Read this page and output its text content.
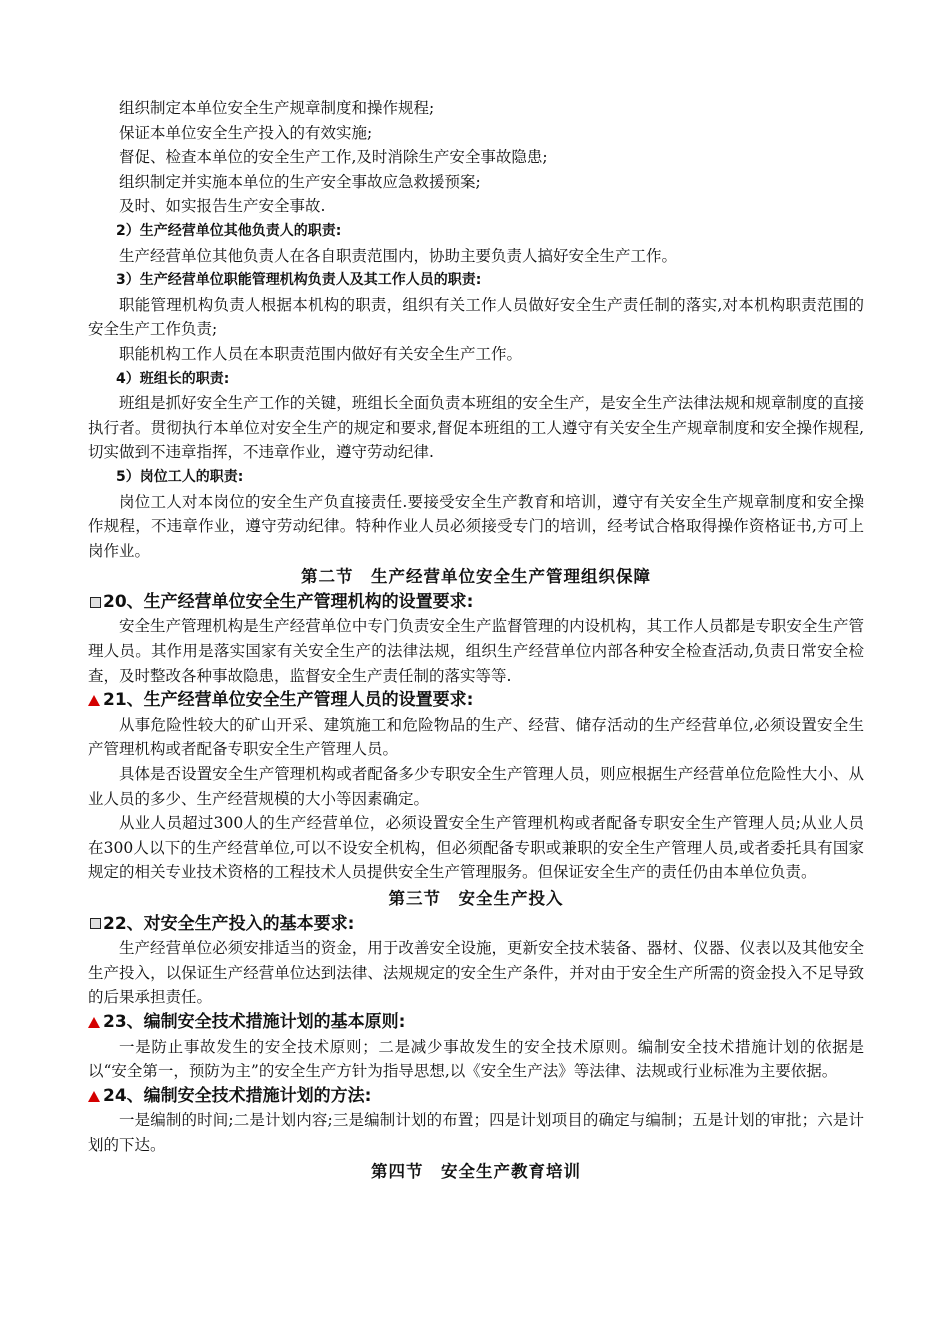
组织制定本单位安全生产规章制度和操作规程;

保证本单位安全生产投入的有效实施;

督促、检查本单位的安全生产工作,及时消除生产安全事故隐患;

组织制定并实施本单位的生产安全事故应急救援预案;

及时、如实报告生产安全事故.

2）生产经营单位其他负责人的职责:

生产经营单位其他负责人在各自职责范围内，协助主要负责人搞好安全生产工作。

3）生产经营单位职能管理机构负责人及其工作人员的职责:

职能管理机构负责人根据本机构的职责，组织有关工作人员做好安全生产责任制的落实,对本机构职责范围的安全生产工作负责;

职能机构工作人员在本职责范围内做好有关安全生产工作。

4）班组长的职责:

班组是抓好安全生产工作的关键，班组长全面负责本班组的安全生产，是安全生产法律法规和规章制度的直接执行者。贯彻执行本单位对安全生产的规定和要求,督促本班组的工人遵守有关安全生产规章制度和安全操作规程,切实做到不违章指挥，不违章作业，遵守劳动纪律.

5）岗位工人的职责:

岗位工人对本岗位的安全生产负直接责任.要接受安全生产教育和培训，遵守有关安全生产规章制度和安全操作规程，不违章作业，遵守劳动纪律。特种作业人员必须接受专门的培训，经考试合格取得操作资格证书,方可上岗作业。

第二节　生产经营单位安全生产管理组织保障

20、生产经营单位安全生产管理机构的设置要求:

安全生产管理机构是生产经营单位中专门负责安全生产监督管理的内设机构，其工作人员都是专职安全生产管理人员。其作用是落实国家有关安全生产的法律法规，组织生产经营单位内部各种安全检查活动,负责日常安全检查，及时整改各种事故隐患，监督安全生产责任制的落实等等.

21、生产经营单位安全生产管理人员的设置要求:

从事危险性较大的矿山开采、建筑施工和危险物品的生产、经营、储存活动的生产经营单位,必须设置安全生产管理机构或者配备专职安全生产管理人员。

具体是否设置安全生产管理机构或者配备多少专职安全生产管理人员，则应根据生产经营单位危险性大小、从业人员的多少、生产经营规模的大小等因素确定。

从业人员超过300人的生产经营单位，必须设置安全生产管理机构或者配备专职安全生产管理人员;从业人员在300人以下的生产经营单位,可以不设安全机构，但必须配备专职或兼职的安全生产管理人员,或者委托具有国家规定的相关专业技术资格的工程技术人员提供安全生产管理服务。但保证安全生产的责任仍由本单位负责。

第三节　安全生产投入

22、对安全生产投入的基本要求:

生产经营单位必须安排适当的资金，用于改善安全设施，更新安全技术装备、器材、仪器、仪表以及其他安全生产投入，以保证生产经营单位达到法律、法规规定的安全生产条件，并对由于安全生产所需的资金投入不足导致的后果承担责任。

23、编制安全技术措施计划的基本原则:

一是防止事故发生的安全技术原则；二是减少事故发生的安全技术原则。编制安全技术措施计划的依据是以“安全第一，预防为主”的安全生产方针为指导思想,以《安全生产法》等法律、法规或行业标准为主要依据。

24、编制安全技术措施计划的方法:

一是编制的时间;二是计划内容;三是编制计划的布置；四是计划项目的确定与编制；五是计划的审批；六是计划的下达。

第四节　安全生产教育培训
